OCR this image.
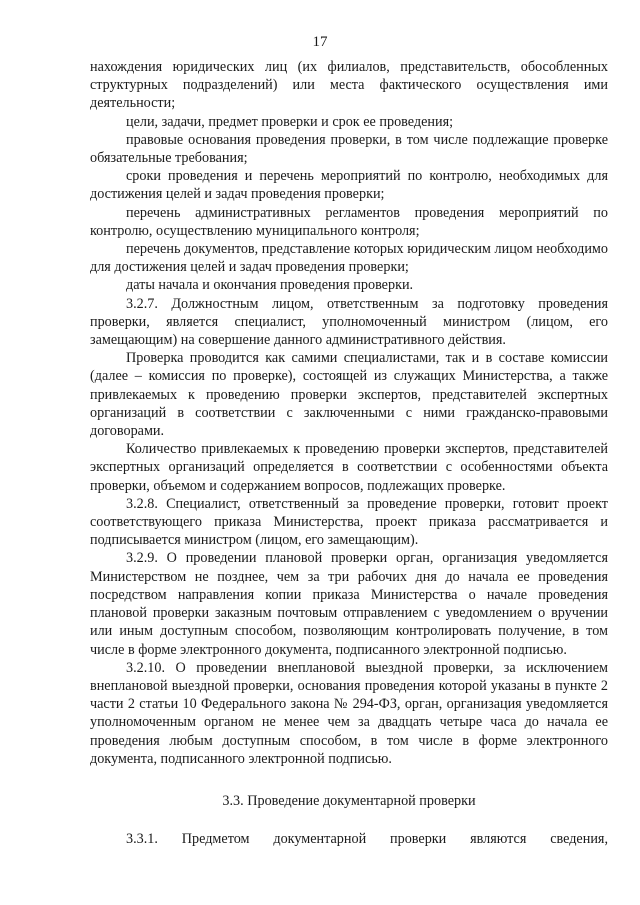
17

нахождения юридических лиц (их филиалов, представительств, обособленных структурных подразделений) или места фактического осуществления ими деятельности;

цели, задачи, предмет проверки и срок ее проведения;

правовые основания проведения проверки, в том числе подлежащие проверке обязательные требования;

сроки проведения и перечень мероприятий по контролю, необходимых для достижения целей и задач проведения проверки;

перечень административных регламентов проведения мероприятий по контролю, осуществлению муниципального контроля;

перечень документов, представление которых юридическим лицом необходимо для достижения целей и задач проведения проверки;

даты начала и окончания проведения проверки.

3.2.7. Должностным лицом, ответственным за подготовку проведения проверки, является специалист, уполномоченный министром (лицом, его замещающим) на совершение данного административного действия.

Проверка проводится как самими специалистами, так и в составе комиссии (далее – комиссия по проверке), состоящей из служащих Министерства, а также привлекаемых к проведению проверки экспертов, представителей экспертных организаций в соответствии с заключенными с ними гражданско-правовыми договорами.

Количество привлекаемых к проведению проверки экспертов, представителей экспертных организаций определяется в соответствии с особенностями объекта проверки, объемом и содержанием вопросов, подлежащих проверке.

3.2.8. Специалист, ответственный за проведение проверки, готовит проект соответствующего приказа Министерства, проект приказа рассматривается и подписывается министром (лицом, его замещающим).

3.2.9. О проведении плановой проверки орган, организация уведомляется Министерством не позднее, чем за три рабочих дня до начала ее проведения посредством направления копии приказа Министерства о начале проведения плановой проверки заказным почтовым отправлением с уведомлением о вручении или иным доступным способом, позволяющим контролировать получение, в том числе в форме электронного документа, подписанного электронной подписью.

3.2.10. О проведении внеплановой выездной проверки, за исключением внеплановой выездной проверки, основания проведения которой указаны в пункте 2 части 2 статьи 10 Федерального закона № 294-ФЗ, орган, организация уведомляется уполномоченным органом не менее чем за двадцать четыре часа до начала ее проведения любым доступным способом, в том числе в форме электронного документа, подписанного электронной подписью.

3.3. Проведение документарной проверки

3.3.1. Предметом документарной проверки являются сведения,
